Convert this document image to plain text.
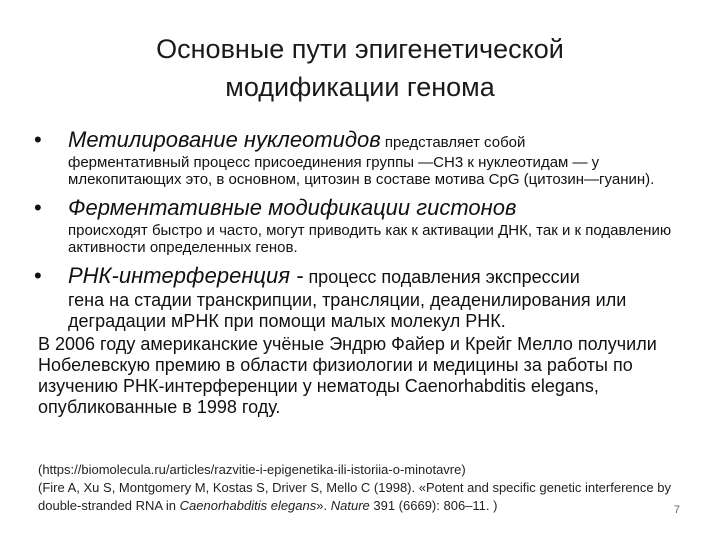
Основные пути эпигенетической
модификации генома
• Метилирование нуклеотидов представляет собой
ферментативный процесс присоединения группы —CH3 к нуклеотидам — у млекопитающих это, в основном, цитозин в составе мотива CpG (цитозин—гуанин).
• Ферментативные модификации гистонов
происходят быстро и часто, могут приводить как к активации ДНК, так и к подавлению активности определенных генов.
• РНК-интерференция - процесс подавления экспрессии
гена на стадии транскрипции, трансляции, деаденилирования или деградации мРНК при помощи малых молекул РНК.
В 2006 году американские учёные Эндрю Файер и Крейг Мелло получили Нобелевскую премию в области физиологии и медицины за работы по изучению РНК-интерференции у нематоды Caenorhabditis elegans, опубликованные в 1998 году.
(https://biomolecula.ru/articles/razvitie-i-epigenetika-ili-istoriia-o-minotavre)
(Fire A, Xu S, Montgomery M, Kostas S, Driver S, Mello C (1998). «Potent and specific genetic interference by double-stranded RNA in Caenorhabditis elegans». Nature 391 (6669): 806–11. )	7
